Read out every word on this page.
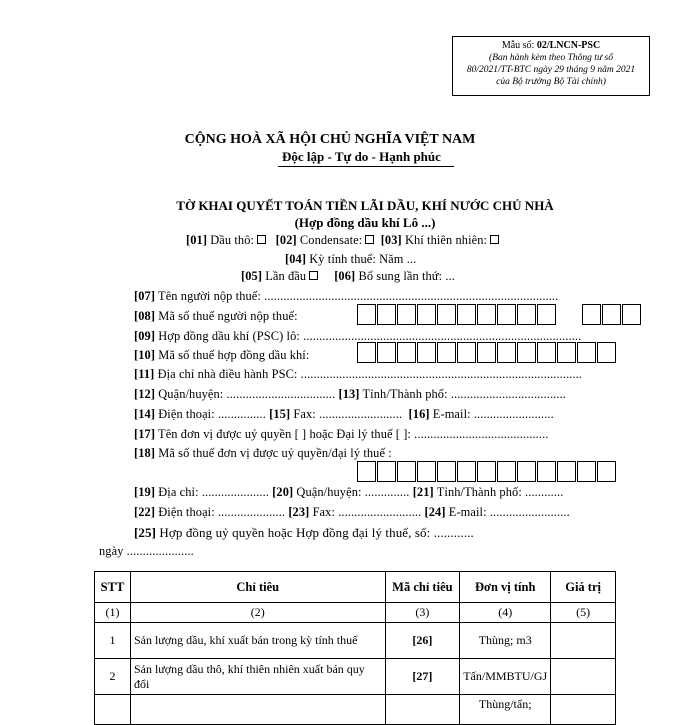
Mẫu số: 02/LNCN-PSC
(Ban hành kèm theo Thông tư số
80/2021/TT-BTC ngày 29 tháng 9 năm 2021
của Bộ trưởng Bộ Tài chính)
CỘNG HOÀ XÃ HỘI CHỦ NGHĨA VIỆT NAM
Độc lập - Tự do - Hạnh phúc
TỜ KHAI QUYẾT TOÁN TIỀN LÃI DẦU, KHÍ NƯỚC CHỦ NHÀ
(Hợp đồng dầu khí Lô ...)
[01] Dầu thô: [02] Condensate: [03] Khí thiên nhiên:
[04] Kỳ tính thuế: Năm ...
[05] Lần đầu [06] Bổ sung lần thứ: ...
[07] Tên người nộp thuế: ............................................................................................
[08] Mã số thuế người nộp thuế:
[09] Hợp đồng dầu khí (PSC) lô: .......................................................................................
[10] Mã số thuế hợp đồng dầu khí:
[11] Địa chỉ nhà điều hành PSC: ........................................................................................
[12] Quận/huyện: .................................. [13] Tỉnh/Thành phố: ....................................
[14] Điện thoại: ............... [15] Fax: .......................... [16] E-mail: .........................
[17] Tên đơn vị được uỷ quyền [ ] hoặc Đại lý thuế [ ]: ..........................................
[18] Mã số thuế đơn vị được uỷ quyền/đại lý thuế :
[19] Địa chỉ: ..................... [20] Quận/huyện: .............. [21] Tỉnh/Thành phố: ............
[22] Điện thoại: ..................... [23] Fax: .......................... [24] E-mail: .........................
[25] Hợp đồng uỷ quyền hoặc Hợp đồng đại lý thuế, số: ............
ngày .....................
STT	Chỉ tiêu	Mã chỉ tiêu	Đơn vị tính	Giá trị
(1)	(2)	(3)	(4)	(5)
1	Sản lượng dầu, khí xuất bán trong kỳ tính thuế	[26]	Thùng; m3	
2	Sản lượng dầu thô, khí thiên nhiên xuất bán quy đổi	[27]	Tấn/MMBTU/GJ	
			Thùng/tấn;	
